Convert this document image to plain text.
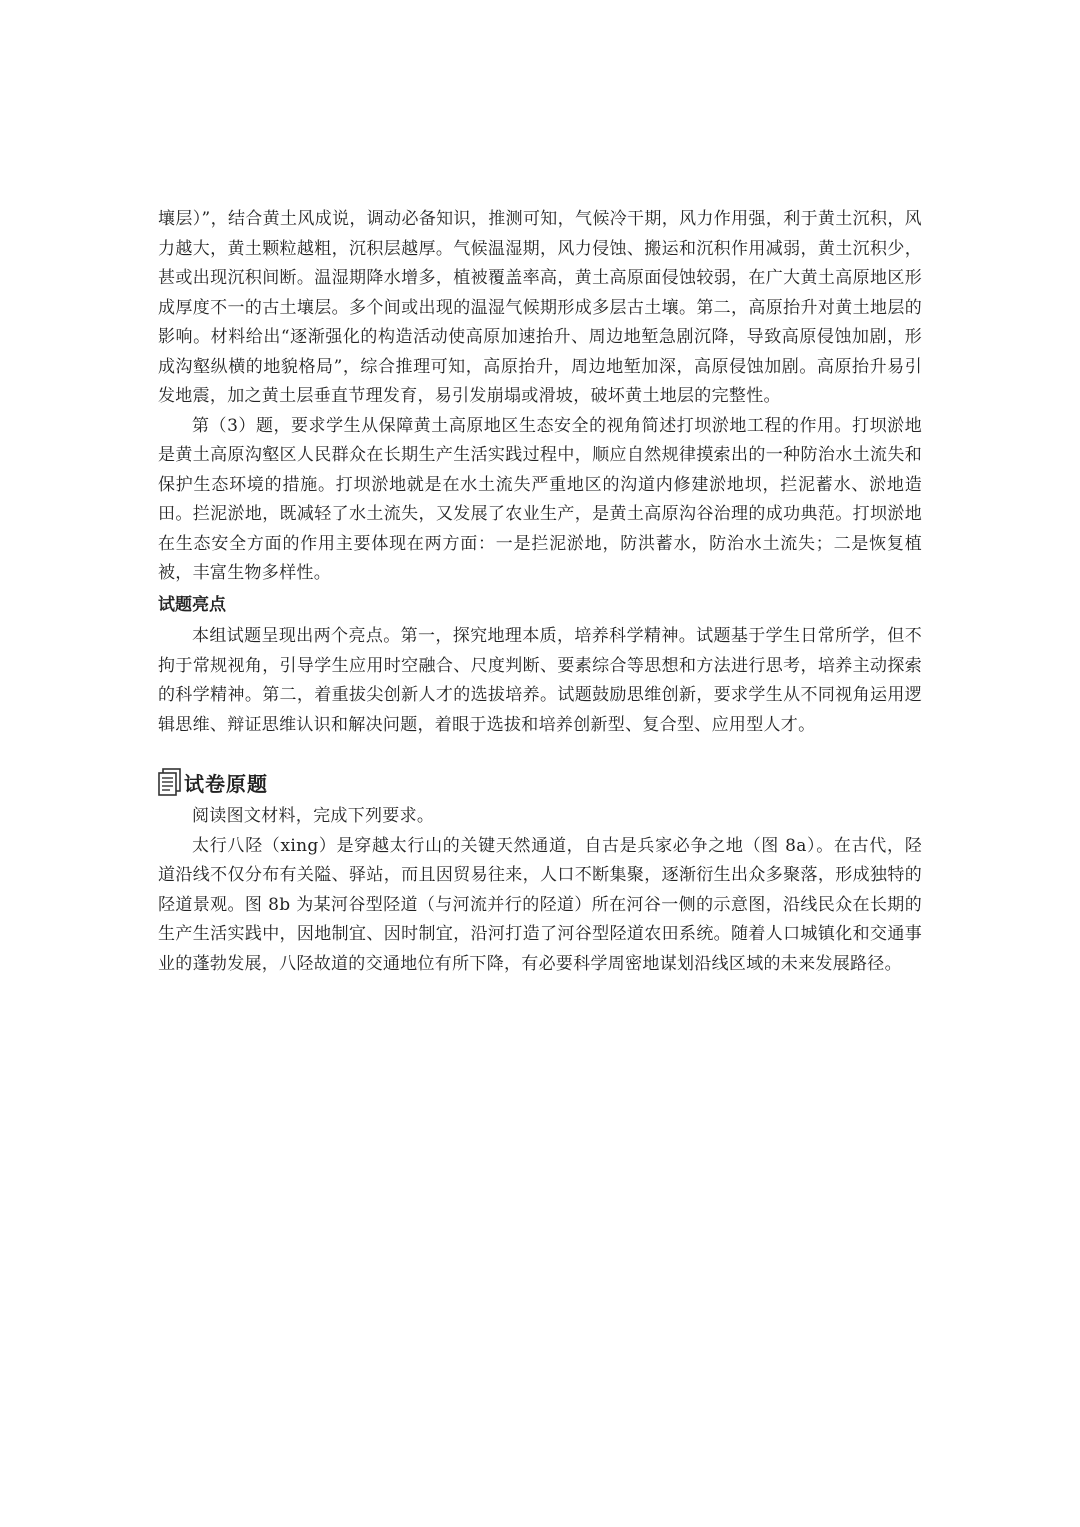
壤层）”，结合黄土风成说，调动必备知识，推测可知，气候冷干期，风力作用强，利于黄土沉积，风力越大，黄土颗粒越粗，沉积层越厚。气候温湿期，风力侵蚀、搬运和沉积作用减弱，黄土沉积少，甚或出现沉积间断。温湿期降水增多，植被覆盖率高，黄土高原面侵蚀较弱，在广大黄土高原地区形成厚度不一的古土壤层。多个间或出现的温湿气候期形成多层古土壤。第二，高原抬升对黄土地层的影响。材料给出“逐渐强化的构造活动使高原加速抬升、周边地堑急剧沉降，导致高原侵蚀加剧，形成沟壑纵横的地貌格局”，综合推理可知，高原抬升，周边地堑加深，高原侵蚀加剧。高原抬升易引发地震，加之黄土层垂直节理发育，易引发崩塌或滑坡，破坏黄土地层的完整性。

第（3）题，要求学生从保障黄土高原地区生态安全的视角简述打坝淤地工程的作用。打坝淤地是黄土高原沟壑区人民群众在长期生产生活实践过程中，顺应自然规律摸索出的一种防治水土流失和保护生态环境的措施。打坝淤地就是在水土流失严重地区的沟道内修建淤地坝，拦泥蓄水、淤地造田。拦泥淤地，既减轻了水土流失，又发展了农业生产，是黄土高原沟谷治理的成功典范。打坝淤地在生态安全方面的作用主要体现在两方面：一是拦泥淤地，防洪蓄水，防治水土流失；二是恢复植被，丰富生物多样性。

试题亮点

本组试题呈现出两个亮点。第一，探究地理本质，培养科学精神。试题基于学生日常所学，但不拘于常规视角，引导学生应用时空融合、尺度判断、要素综合等思想和方法进行思考，培养主动探索的科学精神。第二，着重拔尖创新人才的选拔培养。试题鼓励思维创新，要求学生从不同视角运用逻辑思维、辩证思维认识和解决问题，着眼于选拔和培养创新型、复合型、应用型人才。

试卷原题

阅读图文材料，完成下列要求。

太行八陉（xing）是穿越太行山的关键天然通道，自古是兵家必争之地（图 8a）。在古代，陉道沿线不仅分布有关隘、驿站，而且因贸易往来，人口不断集聚，逐渐衍生出众多聚落，形成独特的陉道景观。图 8b 为某河谷型陉道（与河流并行的陉道）所在河谷一侧的示意图，沿线民众在长期的生产生活实践中，因地制宜、因时制宜，沿河打造了河谷型陉道农田系统。随着人口城镇化和交通事业的蓬勃发展，八陉故道的交通地位有所下降，有必要科学周密地谋划沿线区域的未来发展路径。
